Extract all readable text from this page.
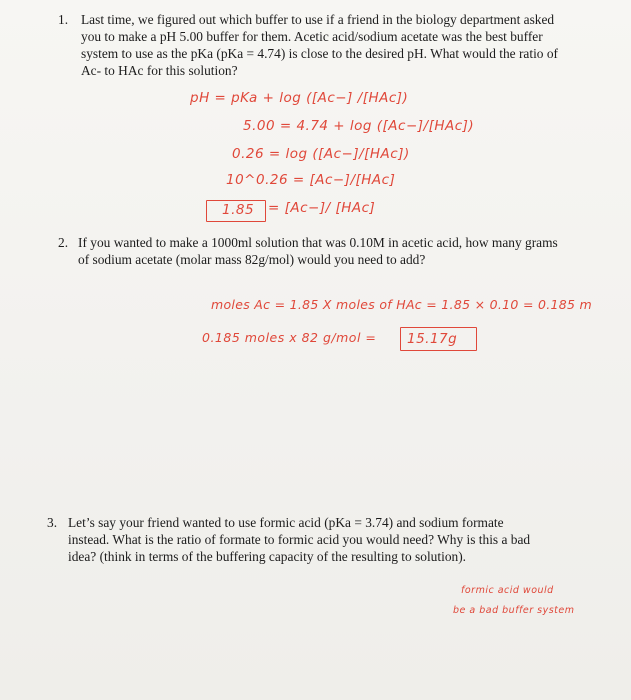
1. Last time, we figured out which buffer to use if a friend in the biology department asked
you to make a pH 5.00 buffer for them. Acetic acid/sodium acetate was the best buffer
system to use as the pKa (pKa = 4.74) is close to the desired pH. What would the ratio of
Ac- to HAc for this solution?
pH = pKa + log ([Ac−] /[HAc])
5.00 = 4.74 + log ([Ac−]/[HAc])
0.26 = log ([Ac−]/[HAc])
10^0.26 = [Ac−]/[HAc]
1.85 = [Ac−]/ [HAc]
2. If you wanted to make a 1000ml solution that was 0.10M in acetic acid, how many grams
of sodium acetate (molar mass 82g/mol) would you need to add?
moles Ac = 1.85 X moles of HAc = 1.85 × 0.10 = 0.185 m
0.185 moles x 82 g/mol = 15.17g
3. Let’s say your friend wanted to use formic acid (pKa = 3.74) and sodium formate
instead. What is the ratio of formate to formic acid you would need? Why is this a bad
idea? (think in terms of the buffering capacity of the resulting to solution).
formic acid would
be a bad buffer system
